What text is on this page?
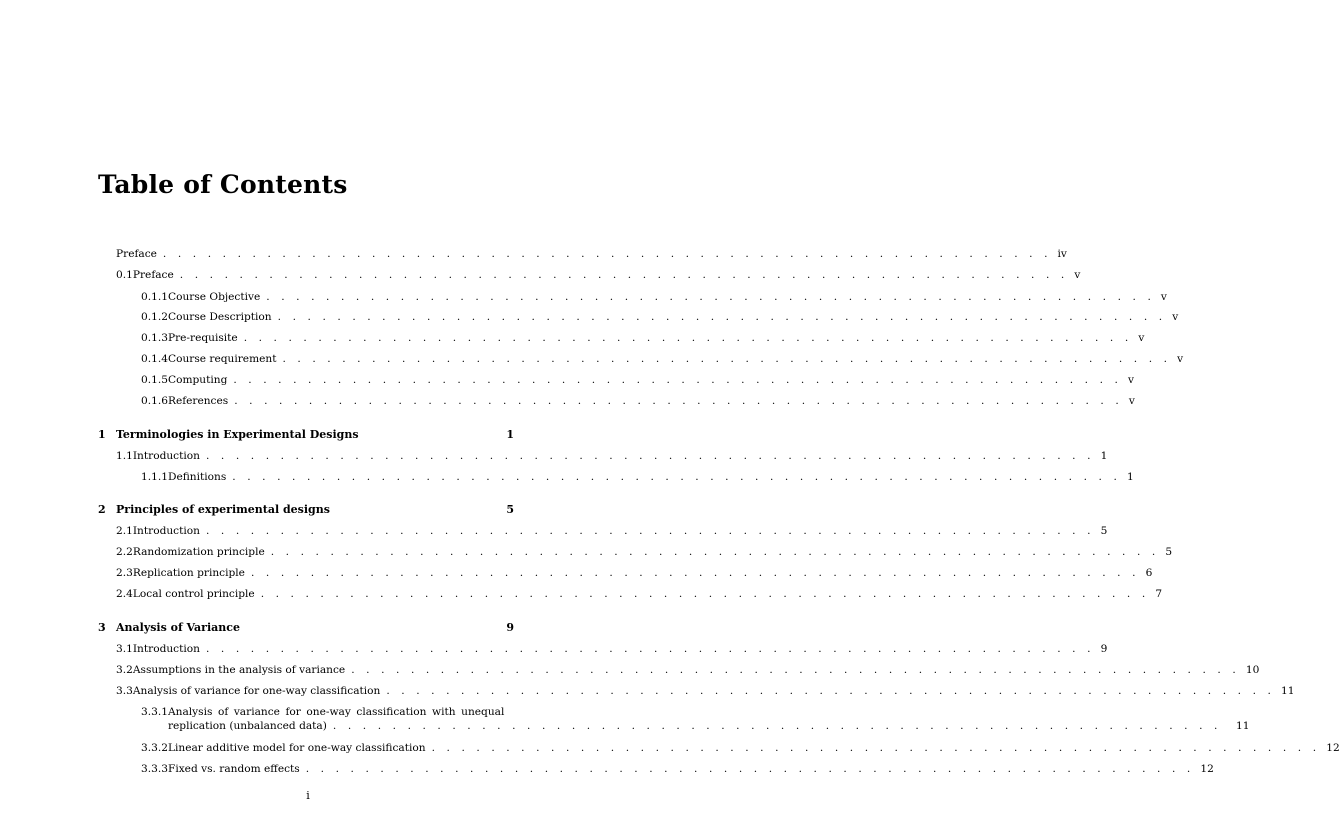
Table of Contents
Preface . . . . . . . . . . . . . . . . . . . . . . . . . . . . . . . . . . . . . . . . . . . . . . . . . . . . . . . . . . . . iv
0.1 Preface . . . . . . . . . . . . . . . . . . . . . . . . . . . . . . . . . . . . . . . . . . . . . . . . . . . . . . . . . . . . v
0.1.1 Course Objective . . . . . . . . . . . . . . . . . . . . . . . . . . . . . . . . . . . . . . . . . . . . . . . . . . . . . . . . . . . . v
0.1.2 Course Description . . . . . . . . . . . . . . . . . . . . . . . . . . . . . . . . . . . . . . . . . . . . . . . . . . . . . . . . . . . . v
0.1.3 Pre-requisite . . . . . . . . . . . . . . . . . . . . . . . . . . . . . . . . . . . . . . . . . . . . . . . . . . . . . . . . . . . . v
0.1.4 Course requirement . . . . . . . . . . . . . . . . . . . . . . . . . . . . . . . . . . . . . . . . . . . . . . . . . . . . . . . . . . . . v
0.1.5 Computing . . . . . . . . . . . . . . . . . . . . . . . . . . . . . . . . . . . . . . . . . . . . . . . . . . . . . . . . . . . . v
0.1.6 References . . . . . . . . . . . . . . . . . . . . . . . . . . . . . . . . . . . . . . . . . . . . . . . . . . . . . . . . . . . . v
1 Terminologies in Experimental Designs	1
1.1 Introduction . . . . . . . . . . . . . . . . . . . . . . . . . . . . . . . . . . . . . . . . . . . . . . . . . . . . . . . . . . . . 1
1.1.1 Definitions . . . . . . . . . . . . . . . . . . . . . . . . . . . . . . . . . . . . . . . . . . . . . . . . . . . . . . . . . . . . 1
2 Principles of experimental designs	5
2.1 Introduction . . . . . . . . . . . . . . . . . . . . . . . . . . . . . . . . . . . . . . . . . . . . . . . . . . . . . . . . . . . . 5
2.2 Randomization principle . . . . . . . . . . . . . . . . . . . . . . . . . . . . . . . . . . . . . . . . . . . . . . . . . . . . . . . . . . . . 5
2.3 Replication principle . . . . . . . . . . . . . . . . . . . . . . . . . . . . . . . . . . . . . . . . . . . . . . . . . . . . . . . . . . . . 6
2.4 Local control principle . . . . . . . . . . . . . . . . . . . . . . . . . . . . . . . . . . . . . . . . . . . . . . . . . . . . . . . . . . . . 7
3 Analysis of Variance	9
3.1 Introduction . . . . . . . . . . . . . . . . . . . . . . . . . . . . . . . . . . . . . . . . . . . . . . . . . . . . . . . . . . . . 9
3.2 Assumptions in the analysis of variance . . . . . . . . . . . . . . . . . . . . . . . . . . . . . . . . . . . . . . . . . . . . . . . . . . . . . . . . . . . . 10
3.3 Analysis of variance for one-way classification . . . . . . . . . . . . . . . . . . . . . . . . . . . . . . . . . . . . . . . . . . . . . . . . . . . . . . . . . . . . 11
3.3.1 Analysis of variance for one-way classification with unequal
replication (unbalanced data) . . . . . . . . . . . . . . . . . . . . . . . . . . . . . . . . . . . . . . . . . . . . . . . . . . . . . . . . . . . .	11
3.3.2 Linear additive model for one-way classification . . . . . . . . . . . . . . . . . . . . . . . . . . . . . . . . . . . . . . . . . . . . . . . . . . . . . . . . . . . . 12
3.3.3 Fixed vs. random effects . . . . . . . . . . . . . . . . . . . . . . . . . . . . . . . . . . . . . . . . . . . . . . . . . . . . . . . . . . . . 12
i
